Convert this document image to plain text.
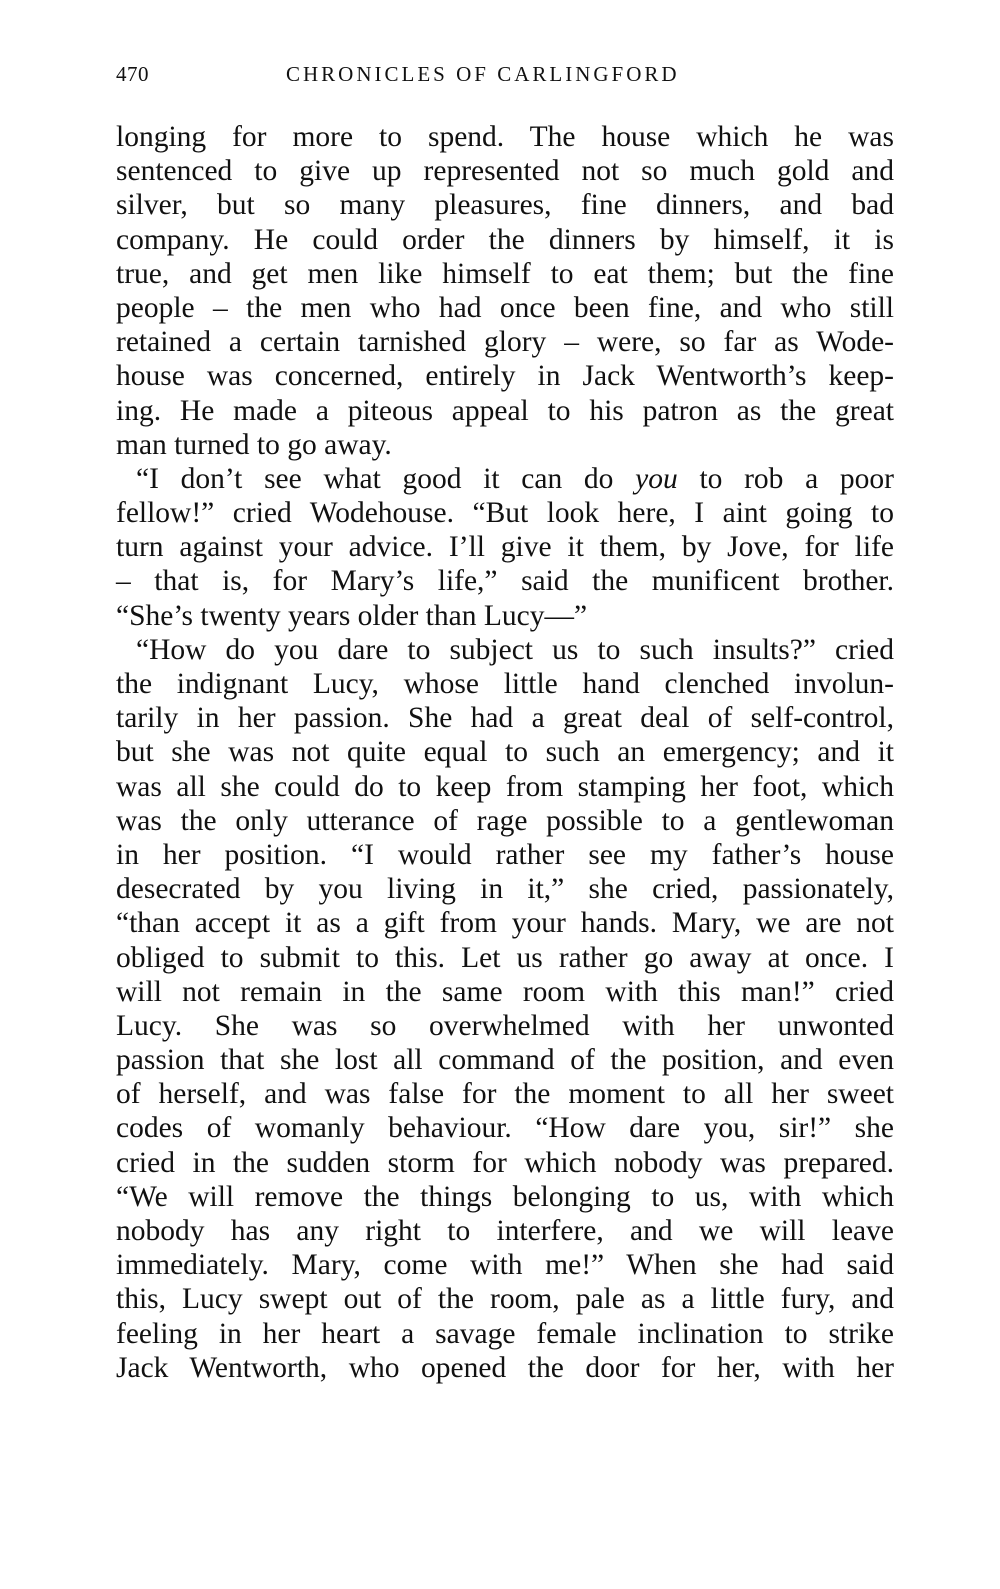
470	CHRONICLES OF CARLINGFORD
longing for more to spend. The house which he was
sentenced to give up represented not so much gold and
silver, but so many pleasures, fine dinners, and bad
company. He could order the dinners by himself, it is
true, and get men like himself to eat them; but the fine
people – the men who had once been fine, and who still
retained a certain tarnished glory – were, so far as Wode-
house was concerned, entirely in Jack Wentworth’s keep-
ing. He made a piteous appeal to his patron as the great
man turned to go away.
“I don’t see what good it can do you to rob a poor
fellow!” cried Wodehouse. “But look here, I aint going to
turn against your advice. I’ll give it them, by Jove, for life
– that is, for Mary’s life,” said the munificent brother.
“She’s twenty years older than Lucy—”
“How do you dare to subject us to such insults?” cried
the indignant Lucy, whose little hand clenched involun-
tarily in her passion. She had a great deal of self-control,
but she was not quite equal to such an emergency; and it
was all she could do to keep from stamping her foot, which
was the only utterance of rage possible to a gentlewoman
in her position. “I would rather see my father’s house
desecrated by you living in it,” she cried, passionately,
“than accept it as a gift from your hands. Mary, we are not
obliged to submit to this. Let us rather go away at once. I
will not remain in the same room with this man!” cried
Lucy. She was so overwhelmed with her unwonted
passion that she lost all command of the position, and even
of herself, and was false for the moment to all her sweet
codes of womanly behaviour. “How dare you, sir!” she
cried in the sudden storm for which nobody was prepared.
“We will remove the things belonging to us, with which
nobody has any right to interfere, and we will leave
immediately. Mary, come with me!” When she had said
this, Lucy swept out of the room, pale as a little fury, and
feeling in her heart a savage female inclination to strike
Jack Wentworth, who opened the door for her, with her
